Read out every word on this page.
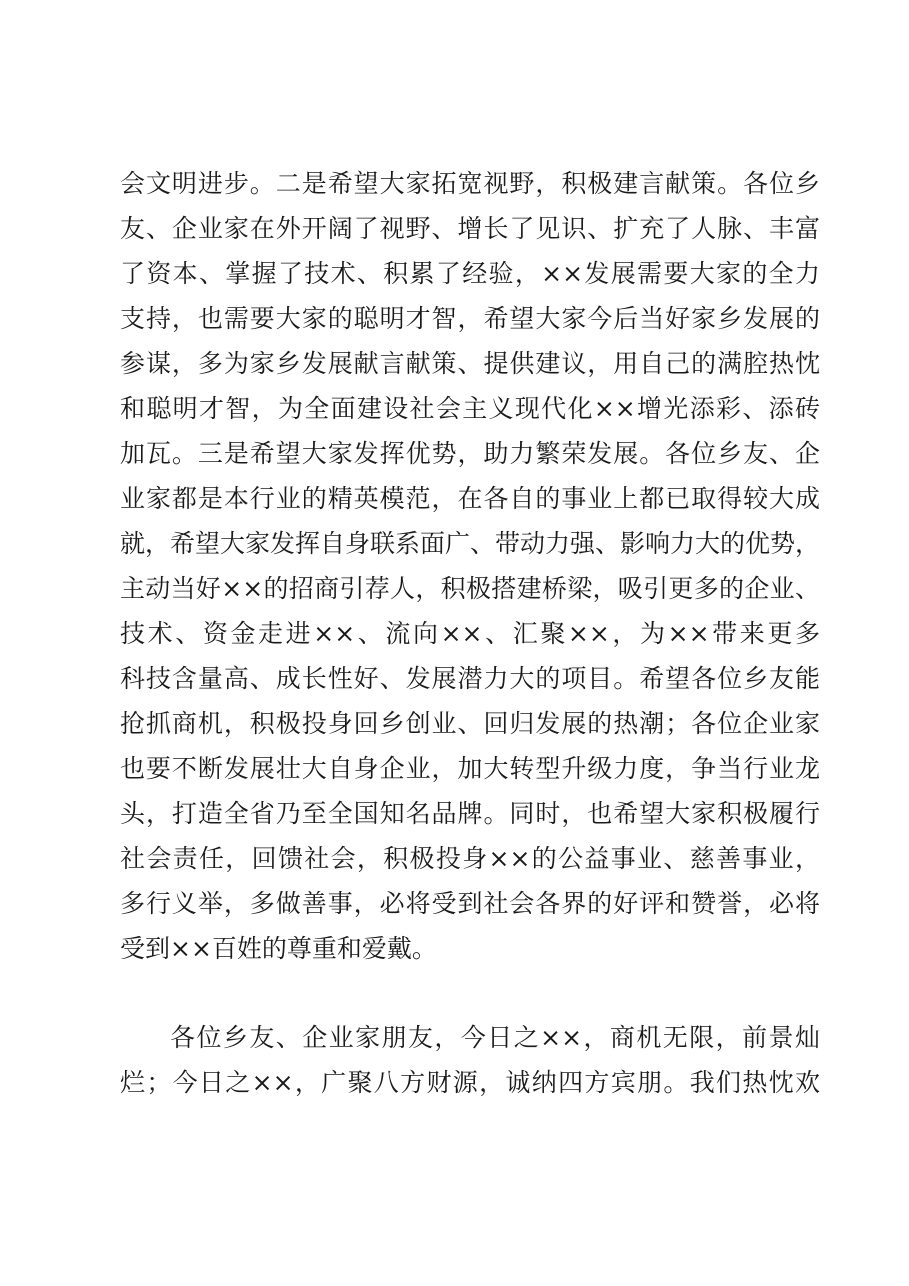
会文明进步。二是希望大家拓宽视野，积极建言献策。各位乡
友、企业家在外开阔了视野、增长了见识、扩充了人脉、丰富
了资本、掌握了技术、积累了经验，××发展需要大家的全力
支持，也需要大家的聪明才智，希望大家今后当好家乡发展的
参谋，多为家乡发展献言献策、提供建议，用自己的满腔热忱
和聪明才智，为全面建设社会主义现代化××增光添彩、添砖
加瓦。三是希望大家发挥优势，助力繁荣发展。各位乡友、企
业家都是本行业的精英模范，在各自的事业上都已取得较大成
就，希望大家发挥自身联系面广、带动力强、影响力大的优势，
主动当好××的招商引荐人，积极搭建桥梁，吸引更多的企业、
技术、资金走进××、流向××、汇聚××，为××带来更多
科技含量高、成长性好、发展潜力大的项目。希望各位乡友能
抢抓商机，积极投身回乡创业、回归发展的热潮；各位企业家
也要不断发展壮大自身企业，加大转型升级力度，争当行业龙
头，打造全省乃至全国知名品牌。同时，也希望大家积极履行
社会责任，回馈社会，积极投身××的公益事业、慈善事业，
多行义举，多做善事，必将受到社会各界的好评和赞誉，必将
受到××百姓的尊重和爱戴。
各位乡友、企业家朋友，今日之××，商机无限，前景灿
烂；今日之××，广聚八方财源，诚纳四方宾朋。我们热忱欢
